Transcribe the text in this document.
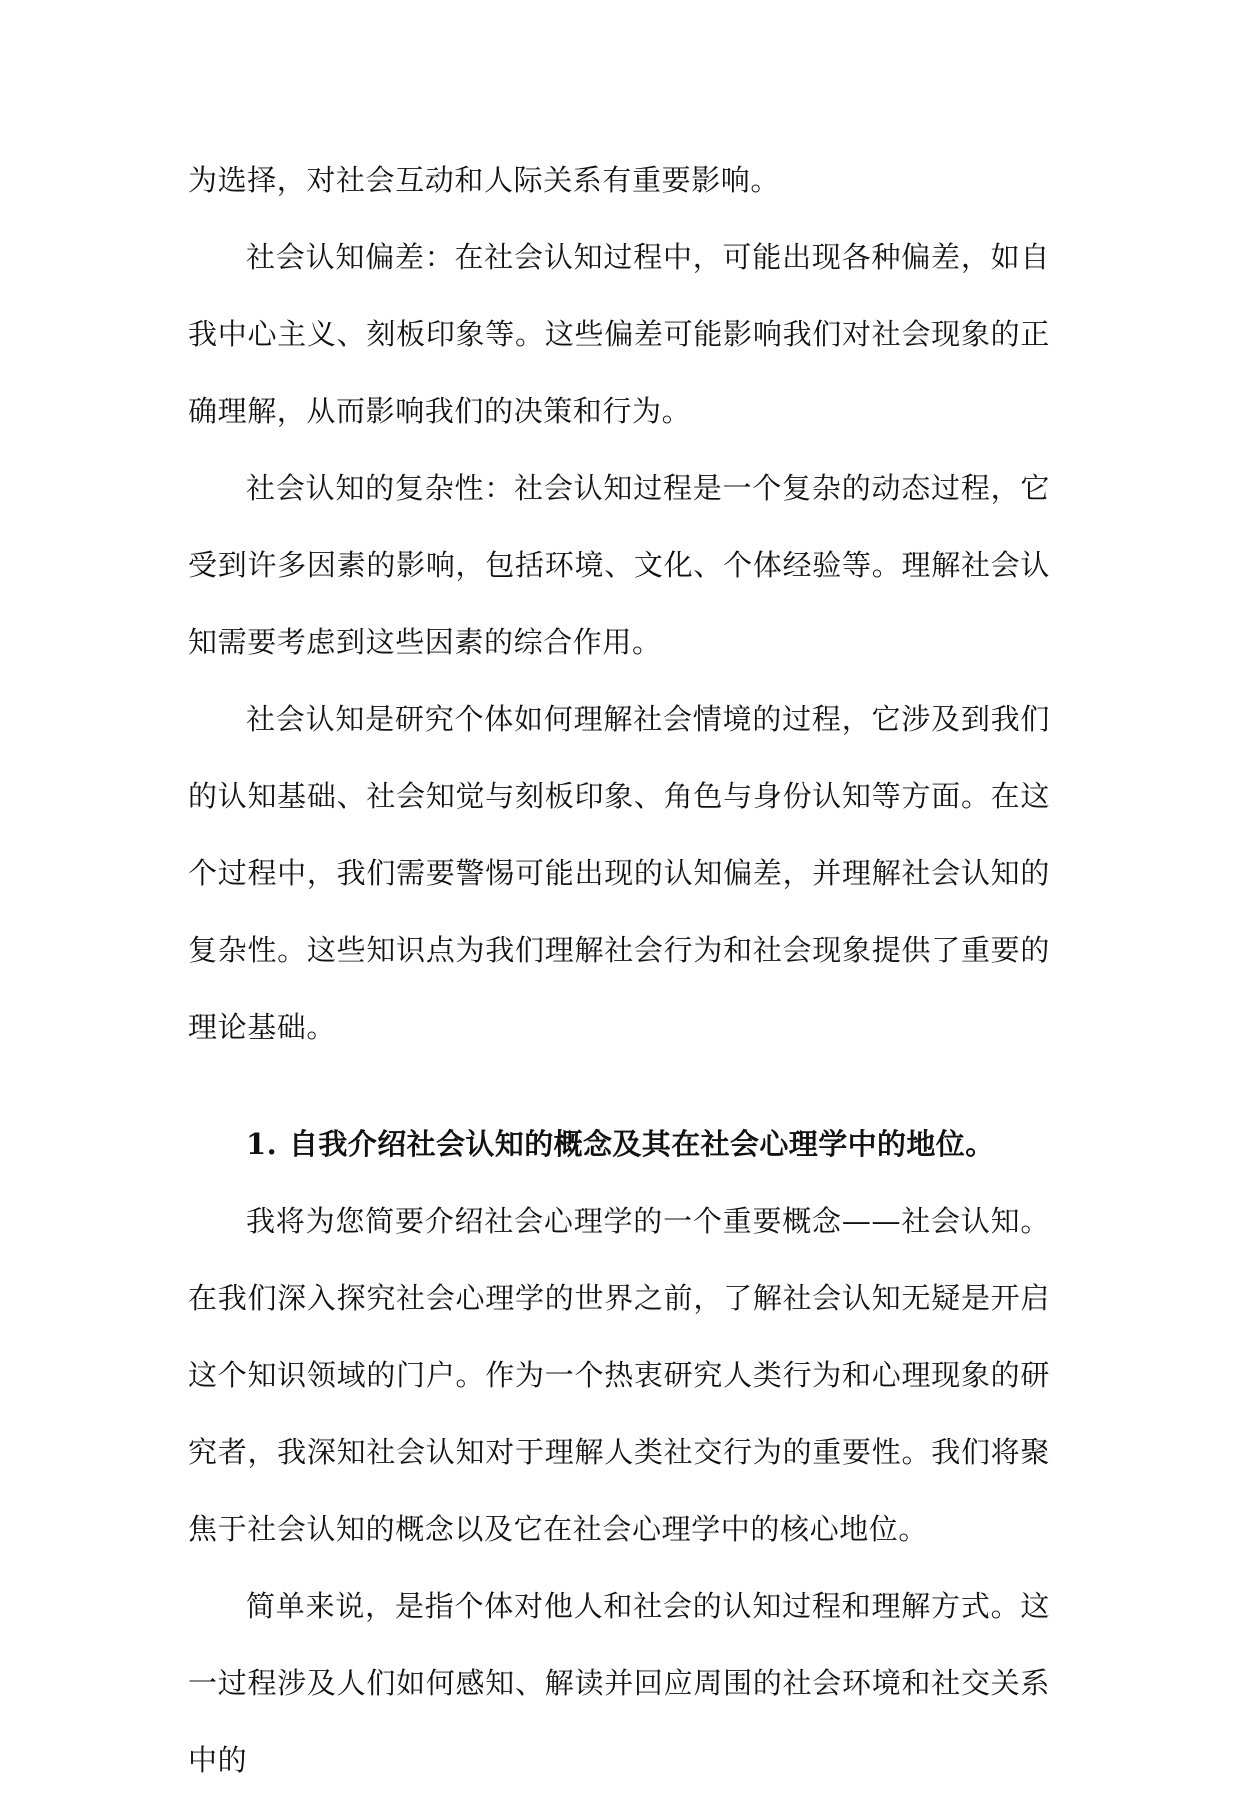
为选择，对社会互动和人际关系有重要影响。

社会认知偏差：在社会认知过程中，可能出现各种偏差，如自我中心主义、刻板印象等。这些偏差可能影响我们对社会现象的正确理解，从而影响我们的决策和行为。

社会认知的复杂性：社会认知过程是一个复杂的动态过程，它受到许多因素的影响，包括环境、文化、个体经验等。理解社会认知需要考虑到这些因素的综合作用。

社会认知是研究个体如何理解社会情境的过程，它涉及到我们的认知基础、社会知觉与刻板印象、角色与身份认知等方面。在这个过程中，我们需要警惕可能出现的认知偏差，并理解社会认知的复杂性。这些知识点为我们理解社会行为和社会现象提供了重要的理论基础。

1. 自我介绍社会认知的概念及其在社会心理学中的地位。

我将为您简要介绍社会心理学的一个重要概念——社会认知。在我们深入探究社会心理学的世界之前，了解社会认知无疑是开启这个知识领域的门户。作为一个热衷研究人类行为和心理现象的研究者，我深知社会认知对于理解人类社交行为的重要性。我们将聚焦于社会认知的概念以及它在社会心理学中的核心地位。

简单来说，是指个体对他人和社会的认知过程和理解方式。这一过程涉及人们如何感知、解读并回应周围的社会环境和社交关系中的
